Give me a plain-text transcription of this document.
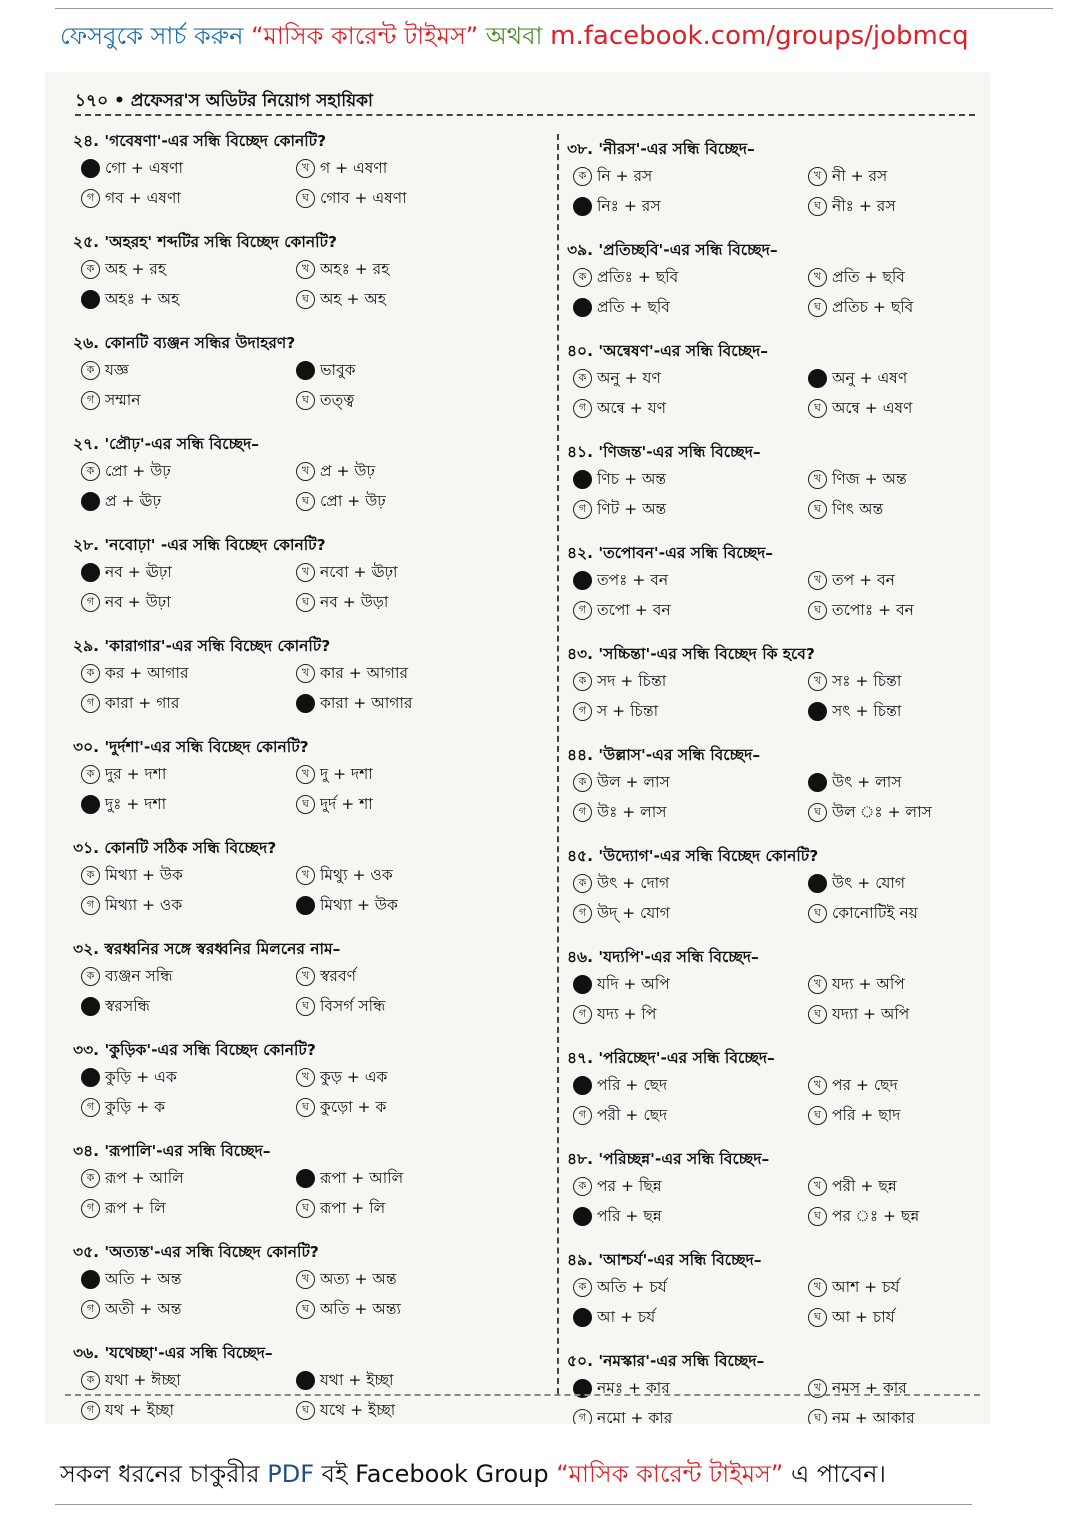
ফেসবুকে সার্চ করুন “মাসিক কারেন্ট টাইমস” অথবা m.facebook.com/groups/jobmcq
১৭০ • প্রফেসর'স অডিটর নিয়োগ সহায়িকা
২৪. 'গবেষণা'-এর সন্ধি বিচ্ছেদ কোনটি?
ক গো + এষণা	খ গ + এষণা
গ গব + এষণা	ঘ গোব + এষণা
২৫. 'অহরহ' শব্দটির সন্ধি বিচ্ছেদ কোনটি?
ক অহ + রহ	খ অহঃ + রহ
গ অহঃ + অহ	ঘ অহ + অহ
২৬. কোনটি ব্যঞ্জন সন্ধির উদাহরণ?
ক যজ্ঞ	খ ভাবুক
গ সম্মান	ঘ তত্ত্ব
২৭. 'প্রৌঢ়'-এর সন্ধি বিচ্ছেদ–
ক প্রো + উঢ়	খ প্র + উঢ়
গ প্র + ঊঢ়	ঘ প্রো + উঢ়
২৮. 'নবোঢ়া' -এর সন্ধি বিচ্ছেদ কোনটি?
ক নব + ঊঢ়া	খ নবো + ঊঢ়া
গ নব + উঢ়া	ঘ নব + উড়া
২৯. 'কারাগার'-এর সন্ধি বিচ্ছেদ কোনটি?
ক কর + আগার	খ কার + আগার
গ কারা + গার	ঘ কারা + আগার
৩০. 'দুর্দশা'-এর সন্ধি বিচ্ছেদ কোনটি?
ক দুর + দশা	খ দু + দশা
গ দুঃ + দশা	ঘ দুর্দ + শা
৩১. কোনটি সঠিক সন্ধি বিচ্ছেদ?
ক মিথ্যা + উক	খ মিথ্যু + ওক
গ মিথ্যা + ওক	ঘ মিথ্যা + উক
৩২. স্বরধ্বনির সঙ্গে স্বরধ্বনির মিলনের নাম–
ক ব্যঞ্জন সন্ধি	খ স্বরবর্ণ
গ স্বরসন্ধি	ঘ বিসর্গ সন্ধি
৩৩. 'কুড়িক'-এর সন্ধি বিচ্ছেদ কোনটি?
ক কুড়ি + এক	খ কুড় + এক
গ কুড়ি + ক	ঘ কুড়ো + ক
৩৪. 'রূপালি'-এর সন্ধি বিচ্ছেদ–
ক রূপ + আলি	খ রূপা + আলি
গ রূপ + লি	ঘ রূপা + লি
৩৫. 'অত্যন্ত'-এর সন্ধি বিচ্ছেদ কোনটি?
ক অতি + অন্ত	খ অত্য + অন্ত
গ অতী + অন্ত	ঘ অতি + অন্ত্য
৩৬. 'যথেচ্ছা'-এর সন্ধি বিচ্ছেদ–
ক যথা + ঈচ্ছা	খ যথা + ইচ্ছা
গ যথ + ইচ্ছা	ঘ যথে + ইচ্ছা
৩৮. 'নীরস'-এর সন্ধি বিচ্ছেদ–
ক নি + রস	খ নী + রস
গ নিঃ + রস	ঘ নীঃ + রস
৩৯. 'প্রতিচ্ছবি'-এর সন্ধি বিচ্ছেদ–
ক প্রতিঃ + ছবি	খ প্রতি + ছবি
গ প্রতি + ছবি	ঘ প্রতিচ + ছবি
৪০. 'অন্বেষণ'-এর সন্ধি বিচ্ছেদ–
ক অনু + যণ	খ অনু + এষণ
গ অন্বে + যণ	ঘ অন্বে + এষণ
৪১. 'ণিজন্ত'-এর সন্ধি বিচ্ছেদ–
ক ণিচ + অন্ত	খ ণিজ + অন্ত
গ ণিট + অন্ত	ঘ ণিৎ অন্ত
৪২. 'তপোবন'-এর সন্ধি বিচ্ছেদ–
ক তপঃ + বন	খ তপ + বন
গ তপো + বন	ঘ তপোঃ + বন
৪৩. 'সচ্চিন্তা'-এর সন্ধি বিচ্ছেদ কি হবে?
ক সদ + চিন্তা	খ সঃ + চিন্তা
গ স + চিন্তা	ঘ সৎ + চিন্তা
৪৪. 'উল্লাস'-এর সন্ধি বিচ্ছেদ–
ক উল + লাস	খ উৎ + লাস
গ উঃ + লাস	ঘ উল ঃ + লাস
৪৫. 'উদ্যোগ'-এর সন্ধি বিচ্ছেদ কোনটি?
ক উৎ + দোগ	খ উৎ + যোগ
গ উদ্ + যোগ	ঘ কোনোটিই নয়
৪৬. 'যদ্যপি'-এর সন্ধি বিচ্ছেদ–
ক যদি + অপি	খ যদ্য + অপি
গ যদ্য + পি	ঘ যদ্যা + অপি
৪৭. 'পরিচ্ছেদ'-এর সন্ধি বিচ্ছেদ–
ক পরি + ছেদ	খ পর + ছেদ
গ পরী + ছেদ	ঘ পরি + ছাদ
৪৮. 'পরিচ্ছন্ন'-এর সন্ধি বিচ্ছেদ–
ক পর + ছিন্ন	খ পরী + ছন্ন
গ পরি + ছন্ন	ঘ পর ঃ + ছন্ন
৪৯. 'আশ্চর্য'-এর সন্ধি বিচ্ছেদ–
ক অতি + চর্য	খ আশ + চর্য
গ আ + চর্য	ঘ আ + চার্য
৫০. 'নমস্কার'-এর সন্ধি বিচ্ছেদ–
ক নমঃ + কার	খ নমস + কার
গ নমো + কার	ঘ নম + আকার
সকল ধরনের চাকুরীর PDF বই Facebook Group “মাসিক কারেন্ট টাইমস” এ পাবেন।
